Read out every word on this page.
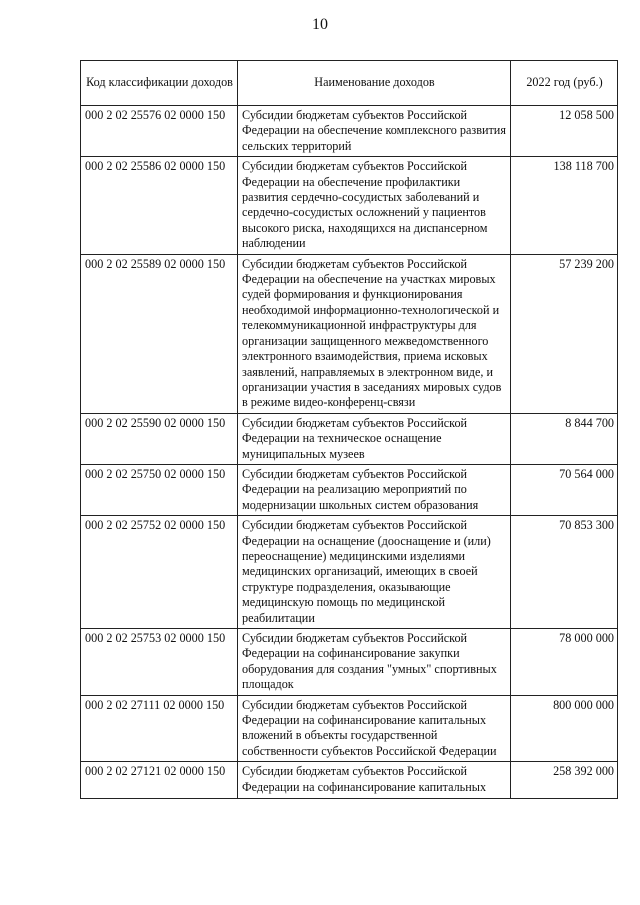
10
Код классификации доходов	Наименование доходов	2022 год (руб.)
000 2 02 25576 02 0000 150	Субсидии бюджетам субъектов Российской Федерации на обеспечение комплексного развития сельских территорий	12 058 500
000 2 02 25586 02 0000 150	Субсидии бюджетам субъектов Российской Федерации на обеспечение профилактики развития сердечно-сосудистых заболеваний и сердечно-сосудистых осложнений у пациентов высокого риска, находящихся на диспансерном наблюдении	138 118 700
000 2 02 25589 02 0000 150	Субсидии бюджетам субъектов Российской Федерации на обеспечение на участках мировых судей формирования и функционирования необходимой информационно-технологической и телекоммуникационной инфраструктуры для организации защищенного межведомственного электронного взаимодействия, приема исковых заявлений, направляемых в электронном виде, и организации участия в заседаниях мировых судов в режиме видео-конференц-связи	57 239 200
000 2 02 25590 02 0000 150	Субсидии бюджетам субъектов Российской Федерации на техническое оснащение муниципальных музеев	8 844 700
000 2 02 25750 02 0000 150	Субсидии бюджетам субъектов Российской Федерации на реализацию мероприятий по модернизации школьных систем образования	70 564 000
000 2 02 25752 02 0000 150	Субсидии бюджетам субъектов Российской Федерации на оснащение (дооснащение и (или) переоснащение) медицинскими изделиями медицинских организаций, имеющих в своей структуре подразделения, оказывающие медицинскую помощь по медицинской реабилитации	70 853 300
000 2 02 25753 02 0000 150	Субсидии бюджетам субъектов Российской Федерации на софинансирование закупки оборудования для создания "умных" спортивных площадок	78 000 000
000 2 02 27111 02 0000 150	Субсидии бюджетам субъектов Российской Федерации на софинансирование капитальных вложений в объекты государственной собственности субъектов Российской Федерации	800 000 000
000 2 02 27121 02 0000 150	Субсидии бюджетам субъектов Российской Федерации на софинансирование капитальных	258 392 000
